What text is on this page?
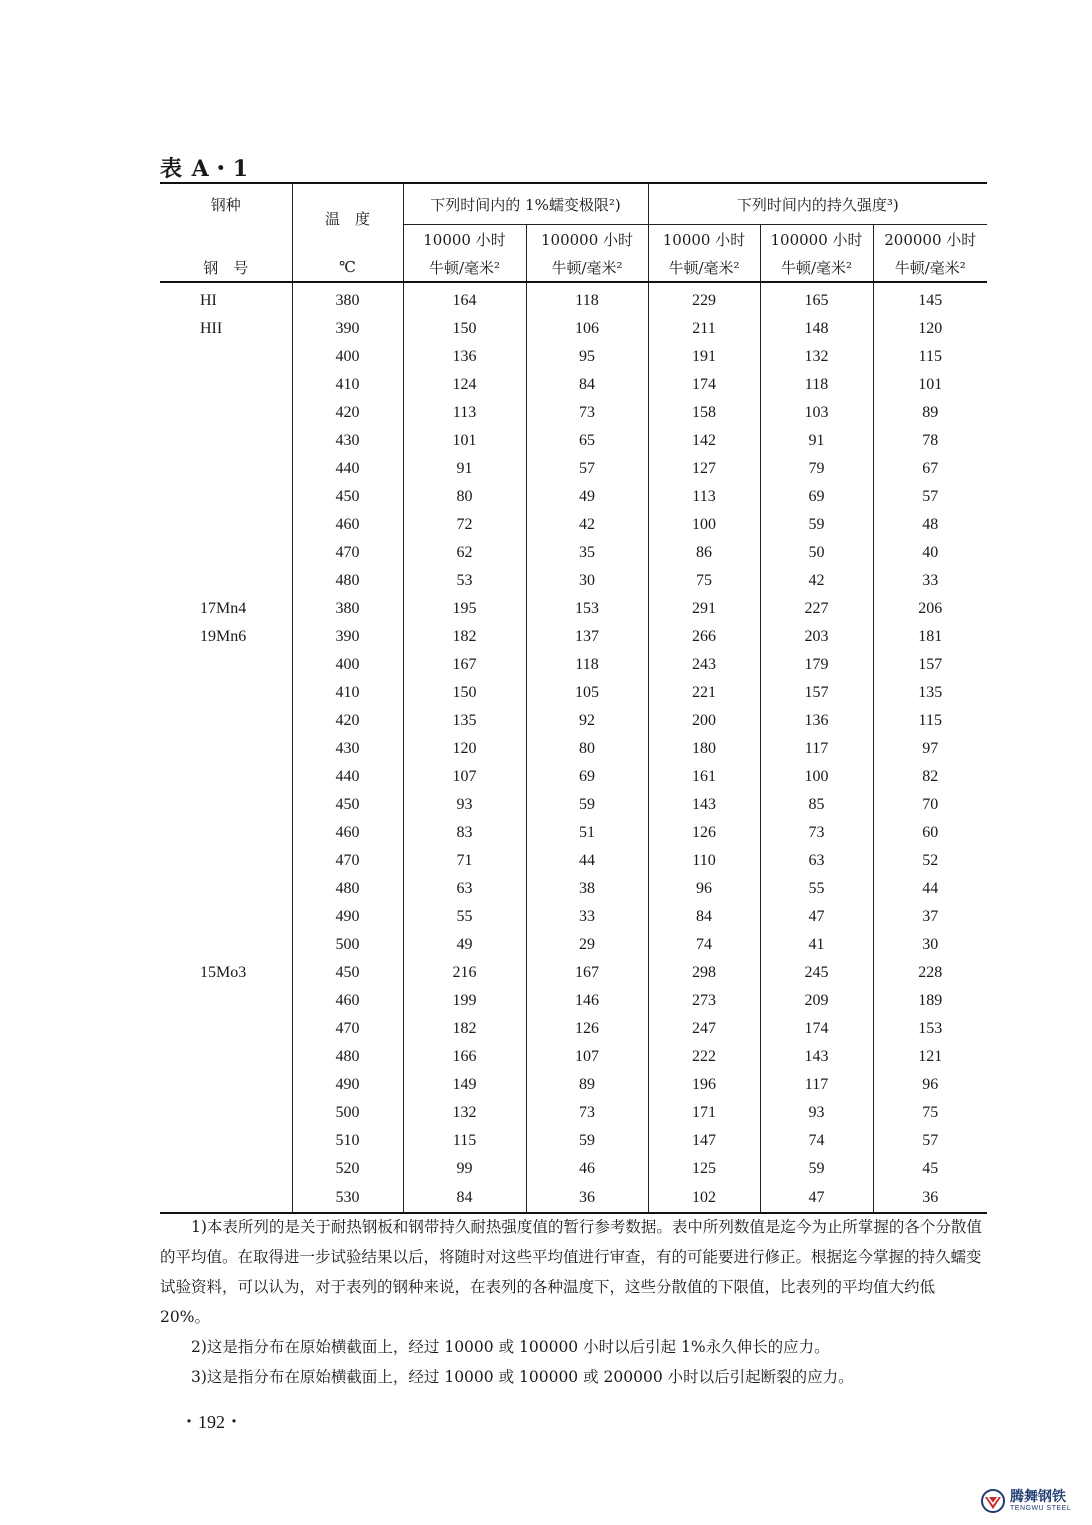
表 A・1
钢种	温　度	下列时间内的 1%蠕变极限²)		下列时间内的持久强度³)		
		10000 小时	100000 小时	10000 小时	100000 小时	200000 小时
钢　号	℃	牛顿/毫米²	牛顿/毫米²	牛顿/毫米²	牛顿/毫米²	牛顿/毫米²
HI	380	164	118	229	165	145
HII	390	150	106	211	148	120
	400	136	95	191	132	115
	410	124	84	174	118	101
	420	113	73	158	103	89
	430	101	65	142	91	78
	440	91	57	127	79	67
	450	80	49	113	69	57
	460	72	42	100	59	48
	470	62	35	86	50	40
	480	53	30	75	42	33
17Mn4	380	195	153	291	227	206
19Mn6	390	182	137	266	203	181
	400	167	118	243	179	157
	410	150	105	221	157	135
	420	135	92	200	136	115
	430	120	80	180	117	97
	440	107	69	161	100	82
	450	93	59	143	85	70
	460	83	51	126	73	60
	470	71	44	110	63	52
	480	63	38	96	55	44
	490	55	33	84	47	37
	500	49	29	74	41	30
15Mo3	450	216	167	298	245	228
	460	199	146	273	209	189
	470	182	126	247	174	153
	480	166	107	222	143	121
	490	149	89	196	117	96
	500	132	73	171	93	75
	510	115	59	147	74	57
	520	99	46	125	59	45
	530	84	36	102	47	36

1)本表所列的是关于耐热钢板和钢带持久耐热强度值的暂行参考数据。表中所列数值是迄今为止所掌握的各个分散值的平均值。在取得进一步试验结果以后，将随时对这些平均值进行审查，有的可能要进行修正。根据迄今掌握的持久蠕变试验资料，可以认为，对于表列的钢种来说，在表列的各种温度下，这些分散值的下限值，比表列的平均值大约低 20%。

2)这是指分布在原始横截面上，经过 10000 或 100000 小时以后引起 1%永久伸长的应力。

3)这是指分布在原始横截面上，经过 10000 或 100000 或 200000 小时以后引起断裂的应力。

・192・
腾舞钢铁
TENGWU STEEL
